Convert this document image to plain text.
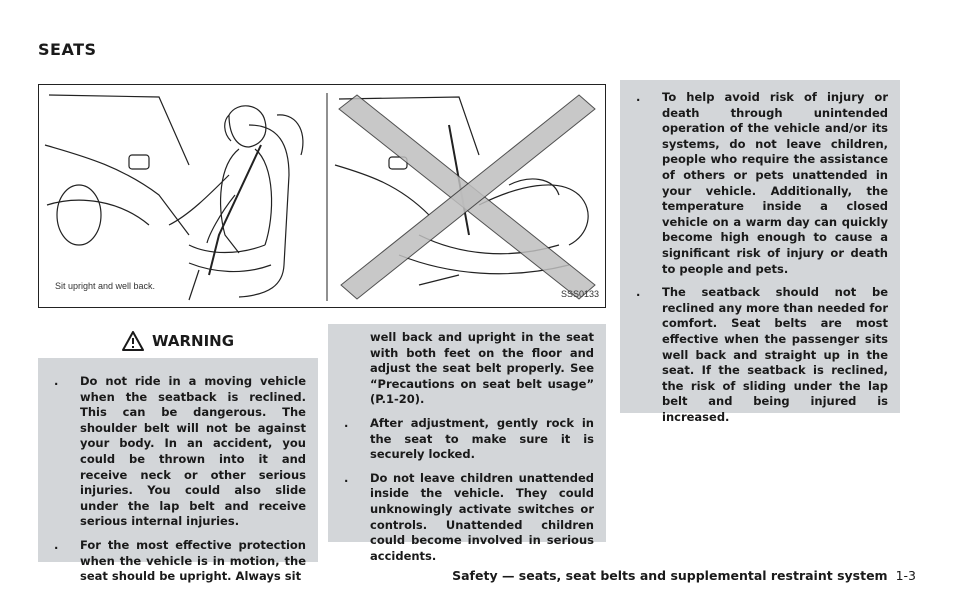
SEATS
Sit upright and well back.
SSS0133
WARNING
. Do not ride in a moving vehicle when the seatback is reclined. This can be dangerous. The shoulder belt will not be against your body. In an accident, you could be thrown into it and receive neck or other serious injuries. You could also slide under the lap belt and receive serious internal injuries.
. For the most effective protection when the vehicle is in motion, the seat should be upright. Always sit
well back and upright in the seat with both feet on the floor and adjust the seat belt properly. See “Precautions on seat belt usage” (P.1-20).
. After adjustment, gently rock in the seat to make sure it is securely locked.
. Do not leave children unattended inside the vehicle. They could unknowingly activate switches or controls. Unattended children could become involved in serious accidents.
. To help avoid risk of injury or death through unintended operation of the vehicle and/or its systems, do not leave children, people who require the assistance of others or pets unattended in your vehicle. Additionally, the temperature inside a closed vehicle on a warm day can quickly become high enough to cause a significant risk of injury or death to people and pets.
. The seatback should not be reclined any more than needed for comfort. Seat belts are most effective when the passenger sits well back and straight up in the seat. If the seatback is reclined, the risk of sliding under the lap belt and being injured is increased.
Safety — seats, seat belts and supplemental restraint system 1-3
